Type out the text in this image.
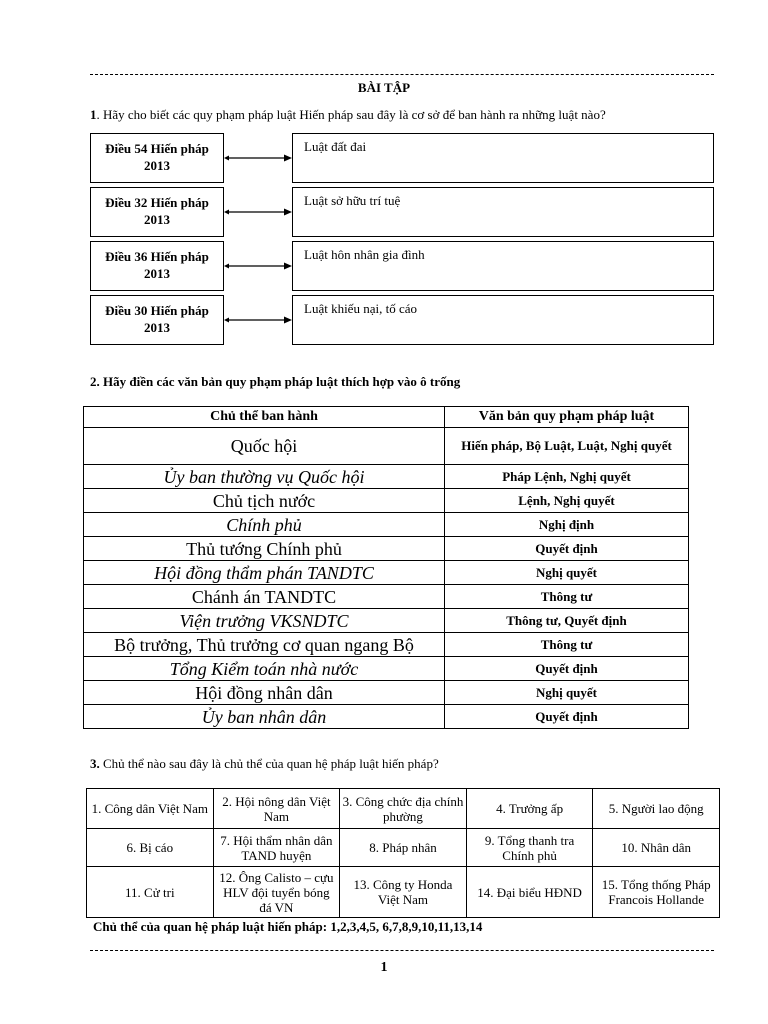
BÀI TẬP
1. Hãy cho biết các quy phạm pháp luật Hiến pháp sau đây là cơ sở để ban hành ra những luật nào?
Điều 54 Hiến pháp 2013
Luật đất đai
Điều 32 Hiến pháp 2013
Luật sở hữu trí tuệ
Điều 36 Hiến pháp 2013
Luật hôn nhân gia đình
Điều 30 Hiến pháp 2013
Luật khiếu nại, tố cáo
2. Hãy điền các văn bản quy phạm pháp luật thích hợp vào ô trống
Chủ thể ban hành	Văn bản quy phạm pháp luật
Quốc hội	Hiến pháp, Bộ Luật, Luật, Nghị quyết
Ủy ban thường vụ Quốc hội	Pháp Lệnh, Nghị quyết
Chủ tịch nước	Lệnh, Nghị quyết
Chính phủ	Nghị định
Thủ tướng Chính phủ	Quyết định
Hội đồng thẩm phán TANDTC	Nghị quyết
Chánh án TANDTC	Thông tư
Viện trưởng VKSNDTC	Thông tư, Quyết định
Bộ trưởng, Thủ trưởng cơ quan ngang Bộ	Thông tư
Tổng Kiểm toán nhà nước	Quyết định
Hội đồng nhân dân	Nghị quyết
Ủy ban nhân dân	Quyết định
3. Chủ thể nào sau đây là chủ thể của quan hệ pháp luật hiến pháp?
1. Công dân Việt Nam	2. Hội nông dân Việt Nam	3. Công chức địa chính phường	4. Trưởng ấp	5. Người lao động
6. Bị cáo	7. Hội thẩm nhân dân TAND huyện	8. Pháp nhân	9. Tổng thanh tra Chính phủ	10. Nhân dân
11. Cử tri	12. Ông Calisto – cựu HLV đội tuyển bóng đá VN	13. Công ty Honda Việt Nam	14. Đại biểu HĐND	15. Tổng thống Pháp Francois Hollande
Chủ thể của quan hệ pháp luật hiến pháp: 1,2,3,4,5, 6,7,8,9,10,11,13,14
1
